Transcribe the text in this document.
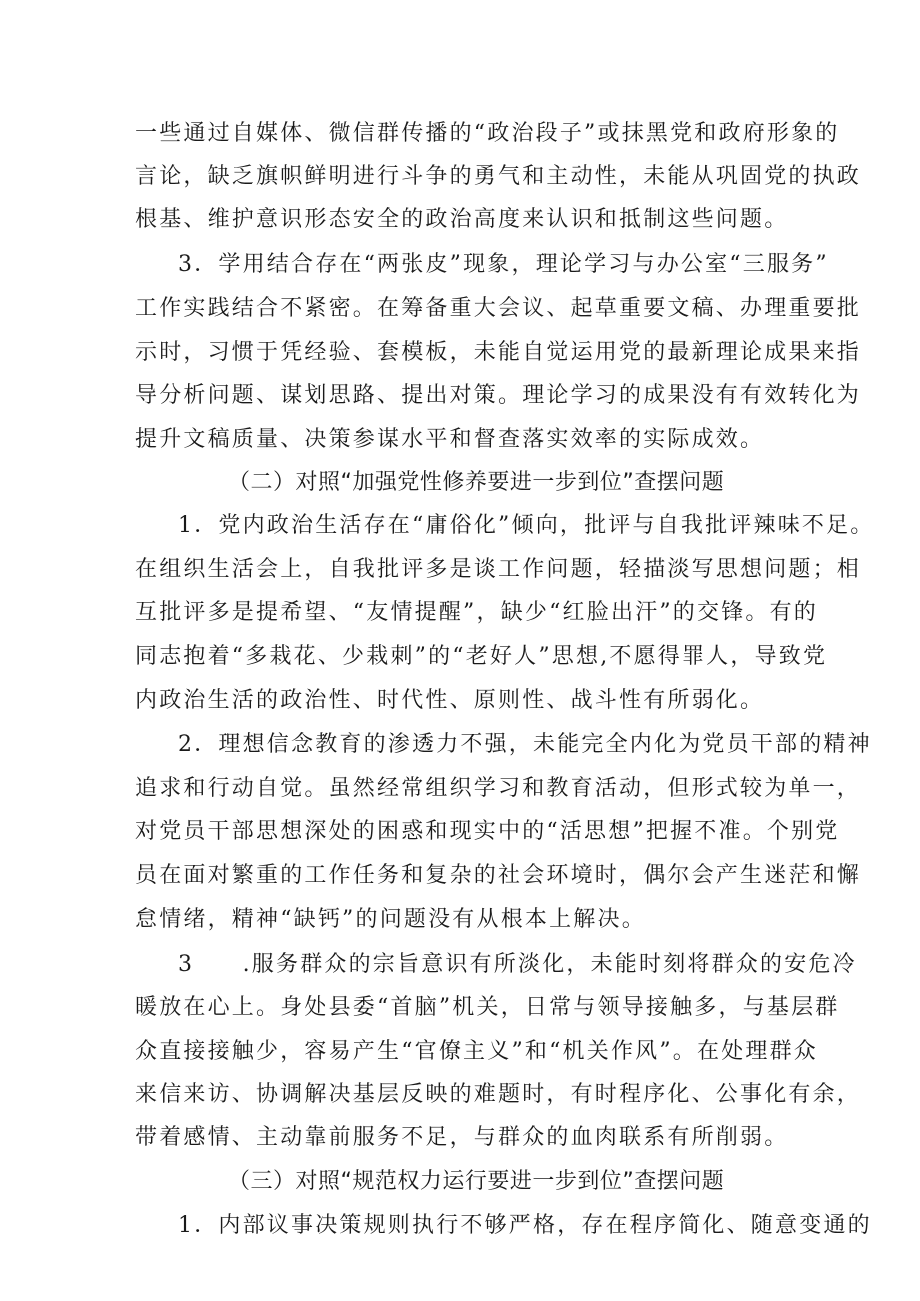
一些通过自媒体、微信群传播的“政治段子”或抹黑党和政府形象的
言论，缺乏旗帜鲜明进行斗争的勇气和主动性，未能从巩固党的执政
根基、维护意识形态安全的政治高度来认识和抵制这些问题。
3．学用结合存在“两张皮”现象，理论学习与办公室“三服务”
工作实践结合不紧密。在筹备重大会议、起草重要文稿、办理重要批
示时，习惯于凭经验、套模板，未能自觉运用党的最新理论成果来指
导分析问题、谋划思路、提出对策。理论学习的成果没有有效转化为
提升文稿质量、决策参谋水平和督查落实效率的实际成效。
（二）对照“加强党性修养要进一步到位”查摆问题
1．党内政治生活存在“庸俗化”倾向，批评与自我批评辣味不足。
在组织生活会上，自我批评多是谈工作问题，轻描淡写思想问题；相
互批评多是提希望、“友情提醒”，缺少“红脸出汗”的交锋。有的
同志抱着“多栽花、少栽刺”的“老好人”思想,不愿得罪人，导致党
内政治生活的政治性、时代性、原则性、战斗性有所弱化。
2．理想信念教育的渗透力不强，未能完全内化为党员干部的精神
追求和行动自觉。虽然经常组织学习和教育活动，但形式较为单一，
对党员干部思想深处的困惑和现实中的“活思想”把握不准。个别党
员在面对繁重的工作任务和复杂的社会环境时，偶尔会产生迷茫和懈
怠情绪，精神“缺钙”的问题没有从根本上解决。
3　　.服务群众的宗旨意识有所淡化，未能时刻将群众的安危冷
暖放在心上。身处县委“首脑”机关，日常与领导接触多，与基层群
众直接接触少，容易产生“官僚主义”和“机关作风”。在处理群众
来信来访、协调解决基层反映的难题时，有时程序化、公事化有余，
带着感情、主动靠前服务不足，与群众的血肉联系有所削弱。
（三）对照“规范权力运行要进一步到位”查摆问题
1．内部议事决策规则执行不够严格，存在程序简化、随意变通的
